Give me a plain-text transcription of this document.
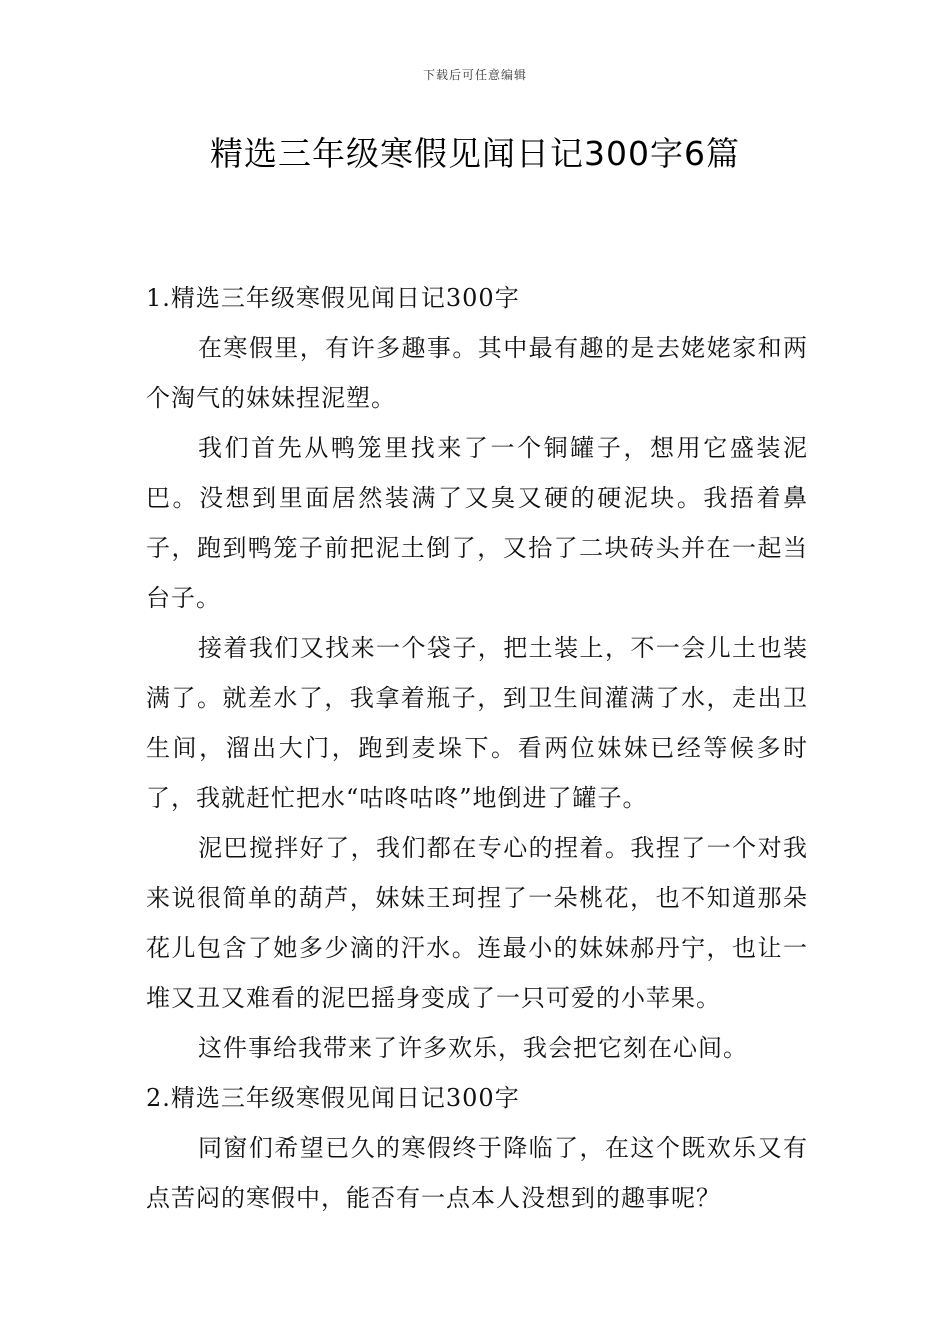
下载后可任意编辑
精选三年级寒假见闻日记300字6篇
1.精选三年级寒假见闻日记300字

在寒假里，有许多趣事。其中最有趣的是去姥姥家和两个淘气的妹妹捏泥塑。

我们首先从鸭笼里找来了一个铜罐子，想用它盛装泥巴。没想到里面居然装满了又臭又硬的硬泥块。我捂着鼻子，跑到鸭笼子前把泥土倒了，又拾了二块砖头并在一起当台子。

接着我们又找来一个袋子，把土装上，不一会儿土也装满了。就差水了，我拿着瓶子，到卫生间灌满了水，走出卫生间，溜出大门，跑到麦垛下。看两位妹妹已经等候多时了，我就赶忙把水“咕咚咕咚”地倒进了罐子。

泥巴搅拌好了，我们都在专心的捏着。我捏了一个对我来说很简单的葫芦，妹妹王珂捏了一朵桃花，也不知道那朵花儿包含了她多少滴的汗水。连最小的妹妹郝丹宁，也让一堆又丑又难看的泥巴摇身变成了一只可爱的小苹果。

这件事给我带来了许多欢乐，我会把它刻在心间。

2.精选三年级寒假见闻日记300字

同窗们希望已久的寒假终于降临了，在这个既欢乐又有点苦闷的寒假中，能否有一点本人没想到的趣事呢？
